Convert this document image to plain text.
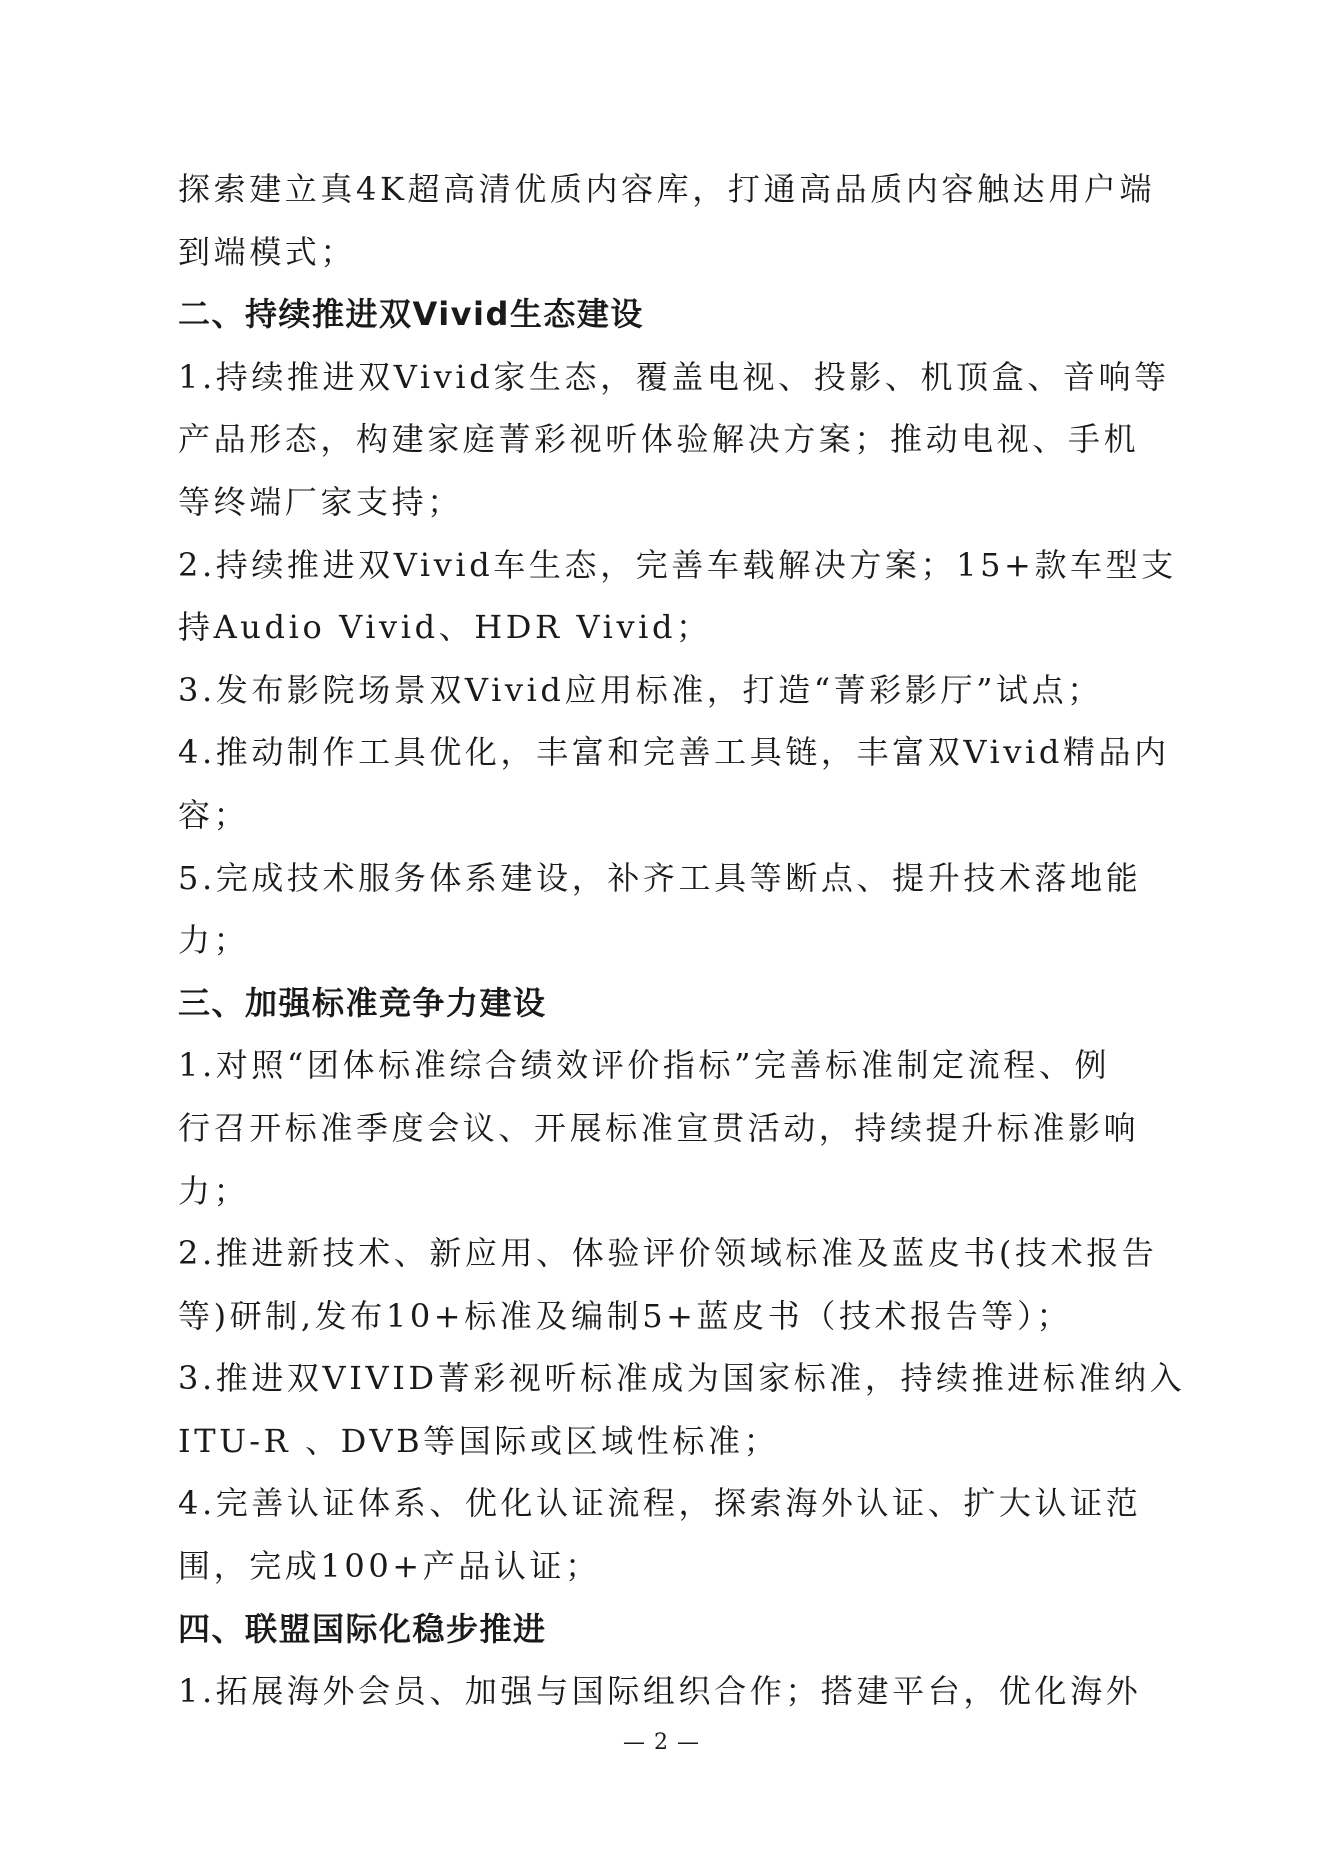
探索建立真4K超高清优质内容库，打通高品质内容触达用户端
到端模式；
二、持续推进双Vivid生态建设
1.持续推进双Vivid家生态，覆盖电视、投影、机顶盒、音响等
产品形态，构建家庭菁彩视听体验解决方案；推动电视、手机
等终端厂家支持；
2.持续推进双Vivid车生态，完善车载解决方案；15+款车型支
持Audio Vivid、HDR Vivid；
3.发布影院场景双Vivid应用标准，打造“菁彩影厅”试点；
4.推动制作工具优化，丰富和完善工具链，丰富双Vivid精品内
容；
5.完成技术服务体系建设，补齐工具等断点、提升技术落地能
力；
三、加强标准竞争力建设
1.对照“团体标准综合绩效评价指标”完善标准制定流程、例
行召开标准季度会议、开展标准宣贯活动，持续提升标准影响
力；
2.推进新技术、新应用、体验评价领域标准及蓝皮书(技术报告
等)研制,发布10+标准及编制5+蓝皮书（技术报告等）；
3.推进双VIVID菁彩视听标准成为国家标准，持续推进标准纳入
ITU-R 、DVB等国际或区域性标准；
4.完善认证体系、优化认证流程，探索海外认证、扩大认证范
围，完成100+产品认证；
四、联盟国际化稳步推进
1.拓展海外会员、加强与国际组织合作；搭建平台，优化海外
— 2 —
